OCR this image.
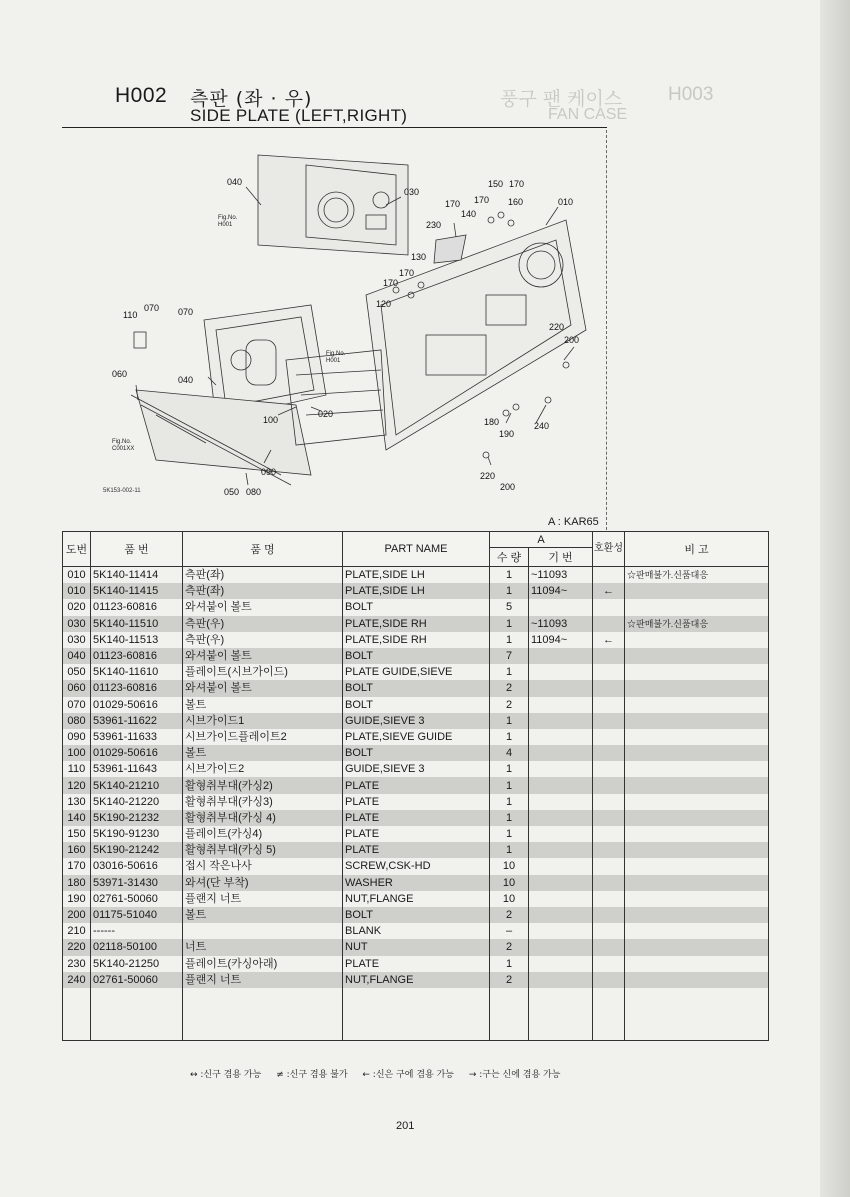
H003
풍구 팬 케이스
FAN CASE
H002 측판 (좌 · 우)
SIDE PLATE (LEFT,RIGHT)
040
030
150 170
010
170 170
140
160
230
130
170
170
120
110
070 070
060
040
100
020
090
080
050
220
200
180
190
240
220
200
Fig.No.
H001
Fig.No.
H001
Fig.No.
C001XX
5K153-002-11
A : KAR65
도번	품 번	품 명	PART NAME	A		호환성	비 고
				수 량	기 번		
010	5K140-11414	측판(좌)	PLATE,SIDE LH	1	~11093		☆판매불가.신품대응
010	5K140-11415	측판(좌)	PLATE,SIDE LH	1	11094~	←	
020	01123-60816	와셔붙이 볼트	BOLT	5			
030	5K140-11510	측판(우)	PLATE,SIDE RH	1	~11093		☆판매불가.신품대응
030	5K140-11513	측판(우)	PLATE,SIDE RH	1	11094~	←	
040	01123-60816	와셔붙이 볼트	BOLT	7			
050	5K140-11610	플레이트(시브가이드)	PLATE GUIDE,SIEVE	1			
060	01123-60816	와셔붙이 볼트	BOLT	2			
070	01029-50616	볼트	BOLT	2			
080	53961-11622	시브가이드1	GUIDE,SIEVE 3	1			
090	53961-11633	시브가이드플레이트2	PLATE,SIEVE GUIDE	1			
100	01029-50616	볼트	BOLT	4			
110	53961-11643	시브가이드2	GUIDE,SIEVE 3	1			
120	5K140-21210	활형취부대(카싱2)	PLATE	1			
130	5K140-21220	활형취부대(카싱3)	PLATE	1			
140	5K190-21232	활형취부대(카싱 4)	PLATE	1			
150	5K190-91230	플레이트(카싱4)	PLATE	1			
160	5K190-21242	활형취부대(카싱 5)	PLATE	1			
170	03016-50616	접시 작은나사	SCREW,CSK-HD	10			
180	53971-31430	와셔(단 부착)	WASHER	10			
190	02761-50060	플랜지 너트	NUT,FLANGE	10			
200	01175-51040	볼트	BOLT	2			
210	------		BLANK	–			
220	02118-50100	너트	NUT	2			
230	5K140-21250	플레이트(카싱아래)	PLATE	1			
240	02761-50060	플랜지 너트	NUT,FLANGE	2			

↔ :신구 겸용 가능 ≠ :신구 겸용 불가 ← :신은 구에 겸용 가능 → :구는 신에 겸용 가능
201
